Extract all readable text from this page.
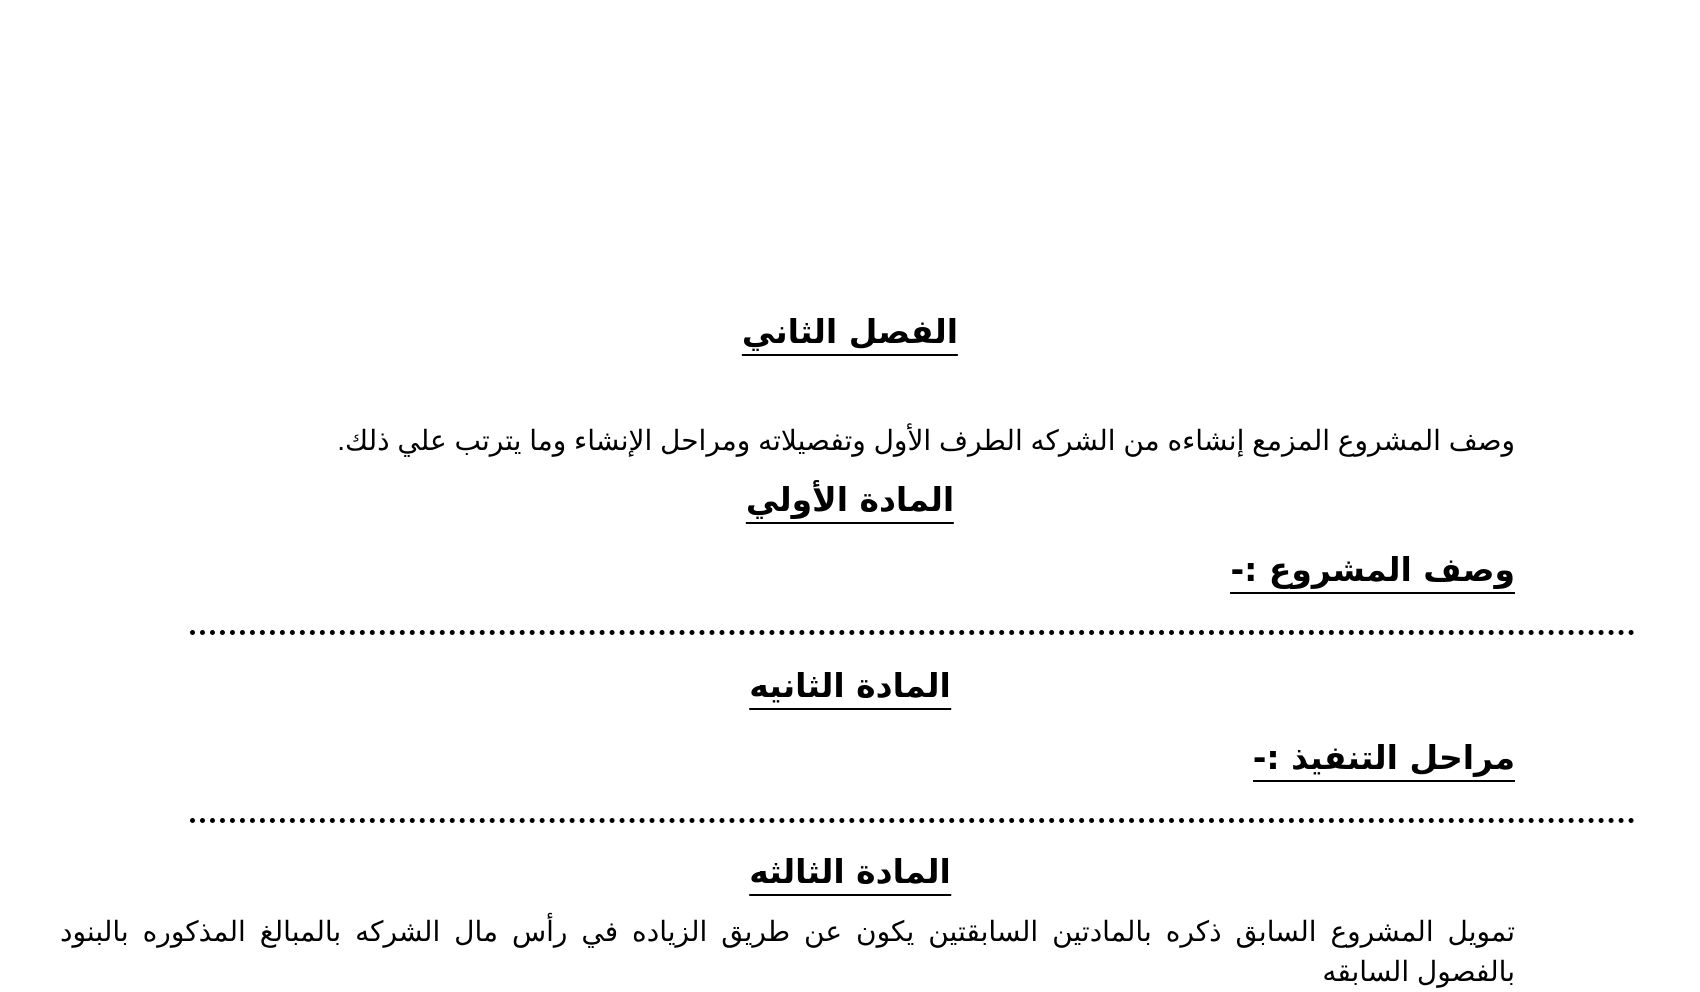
الفصل الثاني
وصف المشروع المزمع إنشاءه من الشركه الطرف الأول وتفصيلاته ومراحل الإنشاء وما يترتب علي ذلك.
المادة الأولي
وصف المشروع :-
المادة الثانيه
مراحل التنفيذ :-
المادة الثالثه
تمويل المشروع السابق ذكره بالمادتين السابقتين يكون عن طريق الزياده في رأس مال الشركه بالمبالغ المذكوره بالبنود بالفصول السابقه
